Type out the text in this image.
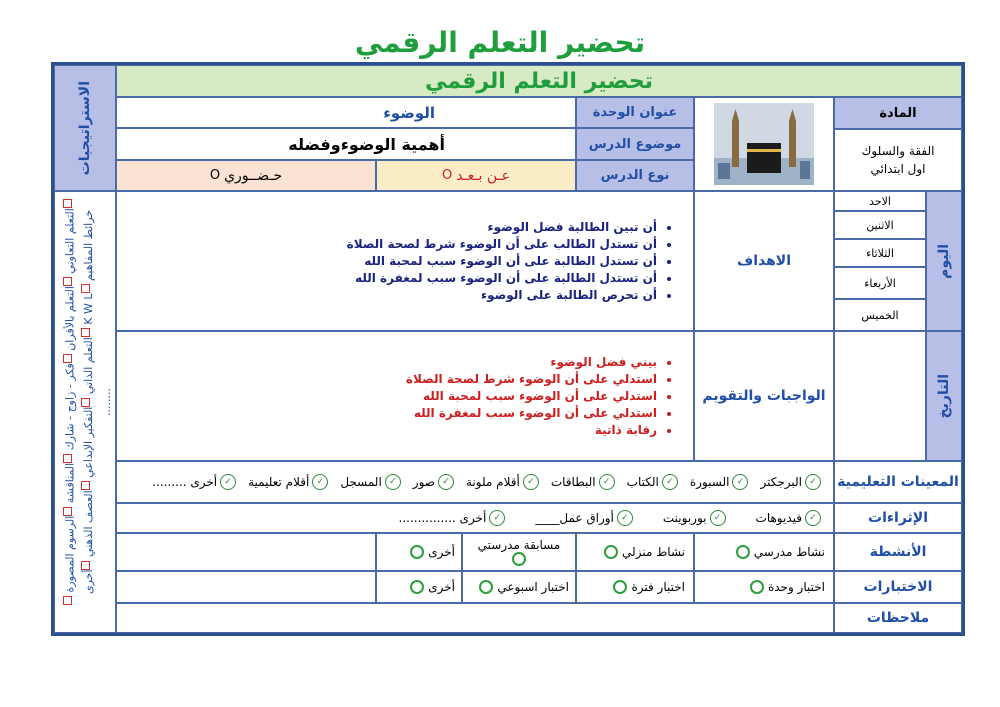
تحضير التعلم الرقمي
الاستراتيجيات
التعلم التعاوني التعلم بالأقران فكر - زاوج - شارك المناقشة الرسوم المصورة خرائط المفاهيم K W L التعلم الذاتي التفكير الإبداعي العصف الذهني أخرى ........
تحضير التعلم الرقمي
المادة
الفقة والسلوك
اول ابتدائي
عنوان الوحدة
موضوع الدرس
نوع الدرس
الوضوء
أهمية الوضوءوفضله
عـن بـعـد
O
حـضــوري
O
اليوم
الاحد
الاثنين
الثلاثاء
الأربعاء
الخميس
التاريخ
الاهداف
• أن تبين الطالبة فضل الوضوء
• أن تستدل الطالب على أن الوضوء شرط لصحة الصلاة
• أن تستدل الطالبة على أن الوضوء سبب لمحبة الله
• أن تستدل الطالبة على أن الوضوء سبب لمغفرة الله
• أن تحرص الطالبة على الوضوء
الواجبات والتقويم
• بيني فضل الوضوء
• استدلي على أن الوضوء شرط لصحة الصلاة
• استدلي على أن الوضوء سبب لمحبة الله
• استدلي على أن الوضوء سبب لمغفرة الله
• رقابة ذاتية
المعينات التعليمية
✓
البرجكتر
✓
السبورة
✓
الكتاب
✓
البطاقات
✓
أقلام ملونة
✓
صور
✓
المسجل
✓
أقلام تعليمية
✓
أخرى .........
الإثراءات
✓
فيديوهات
✓
بوربوينت
✓
أوراق عمل____
✓
أخرى ...............
الأنشطة
نشاط مدرسي
نشاط منزلي
مسابقة مدرستي
أخرى
الاختبارات
اختبار وحدة
اختبار فترة
اختبار اسبوعي
أخرى
ملاحظات
